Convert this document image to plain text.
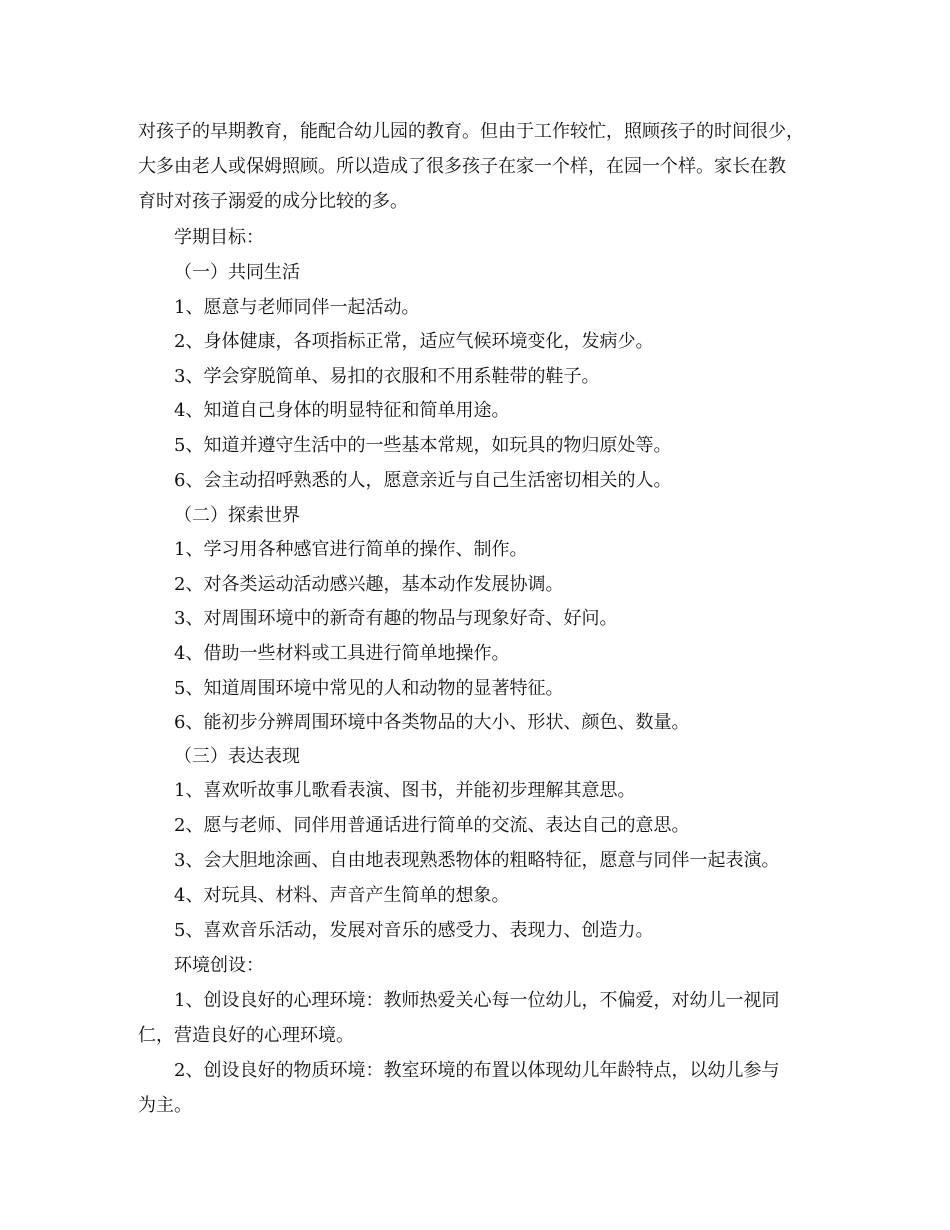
对孩子的早期教育，能配合幼儿园的教育。但由于工作较忙，照顾孩子的时间很少，
大多由老人或保姆照顾。所以造成了很多孩子在家一个样，在园一个样。家长在教
育时对孩子溺爱的成分比较的多。
学期目标：
（一）共同生活
1、愿意与老师同伴一起活动。
2、身体健康，各项指标正常，适应气候环境变化，发病少。
3、学会穿脱简单、易扣的衣服和不用系鞋带的鞋子。
4、知道自己身体的明显特征和简单用途。
5、知道并遵守生活中的一些基本常规，如玩具的物归原处等。
6、会主动招呼熟悉的人，愿意亲近与自己生活密切相关的人。
（二）探索世界
1、学习用各种感官进行简单的操作、制作。
2、对各类运动活动感兴趣，基本动作发展协调。
3、对周围环境中的新奇有趣的物品与现象好奇、好问。
4、借助一些材料或工具进行简单地操作。
5、知道周围环境中常见的人和动物的显著特征。
6、能初步分辨周围环境中各类物品的大小、形状、颜色、数量。
（三）表达表现
1、喜欢听故事儿歌看表演、图书，并能初步理解其意思。
2、愿与老师、同伴用普通话进行简单的交流、表达自己的意思。
3、会大胆地涂画、自由地表现熟悉物体的粗略特征，愿意与同伴一起表演。
4、对玩具、材料、声音产生简单的想象。
5、喜欢音乐活动，发展对音乐的感受力、表现力、创造力。
环境创设：
1、创设良好的心理环境：教师热爱关心每一位幼儿，不偏爱，对幼儿一视同
仁，营造良好的心理环境。
2、创设良好的物质环境：教室环境的布置以体现幼儿年龄特点，以幼儿参与
为主。
